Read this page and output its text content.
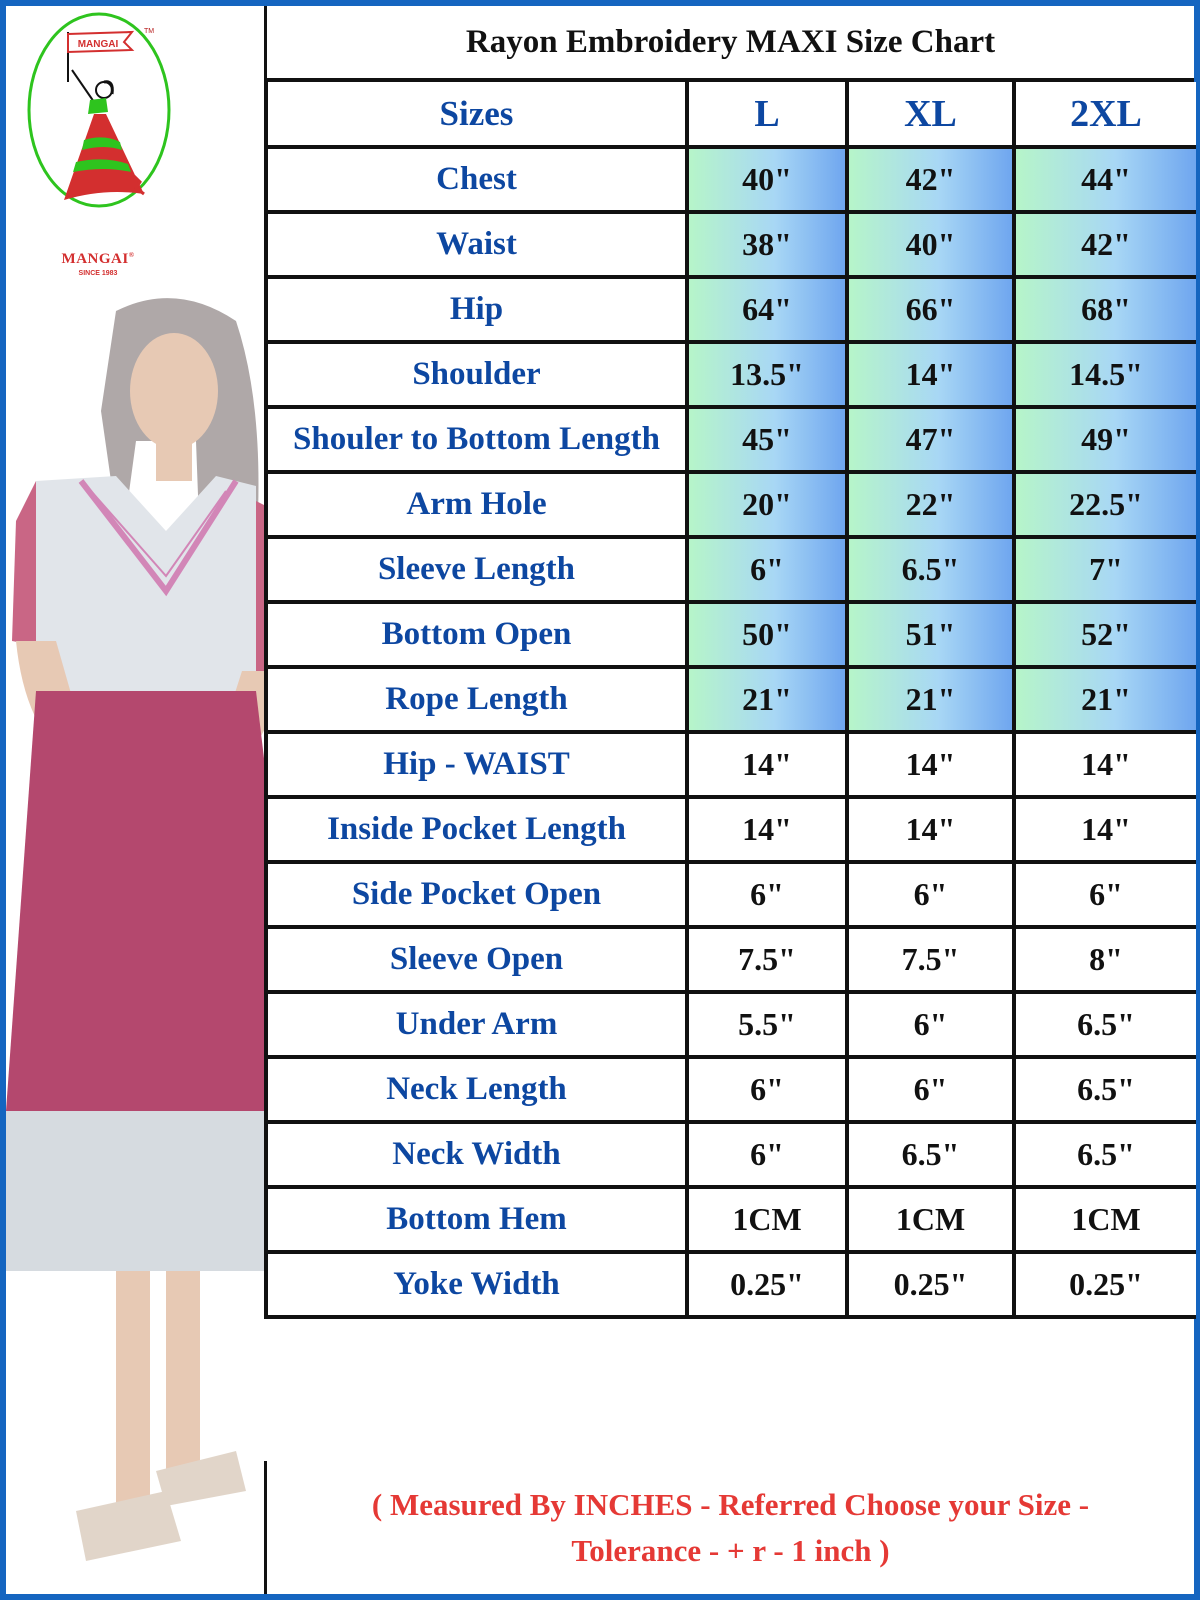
MANGAI
TM
MANGAI®
SINCE 1983
Rayon Embroidery MAXI Size Chart
Sizes	L	XL	2XL
Chest	40"	42"	44"
Waist	38"	40"	42"
Hip	64"	66"	68"
Shoulder	13.5"	14"	14.5"
Shouler to Bottom Length	45"	47"	49"
Arm Hole	20"	22"	22.5"
Sleeve Length	6"	6.5"	7"
Bottom Open	50"	51"	52"
Rope Length	21"	21"	21"
Hip - WAIST	14"	14"	14"
Inside Pocket Length	14"	14"	14"
Side Pocket Open	6"	6"	6"
Sleeve Open	7.5"	7.5"	8"
Under Arm	5.5"	6"	6.5"
Neck Length	6"	6"	6.5"
Neck Width	6"	6.5"	6.5"
Bottom Hem	1CM	1CM	1CM
Yoke Width	0.25"	0.25"	0.25"
( Measured By INCHES - Referred Choose your Size -
Tolerance - + r - 1 inch )
